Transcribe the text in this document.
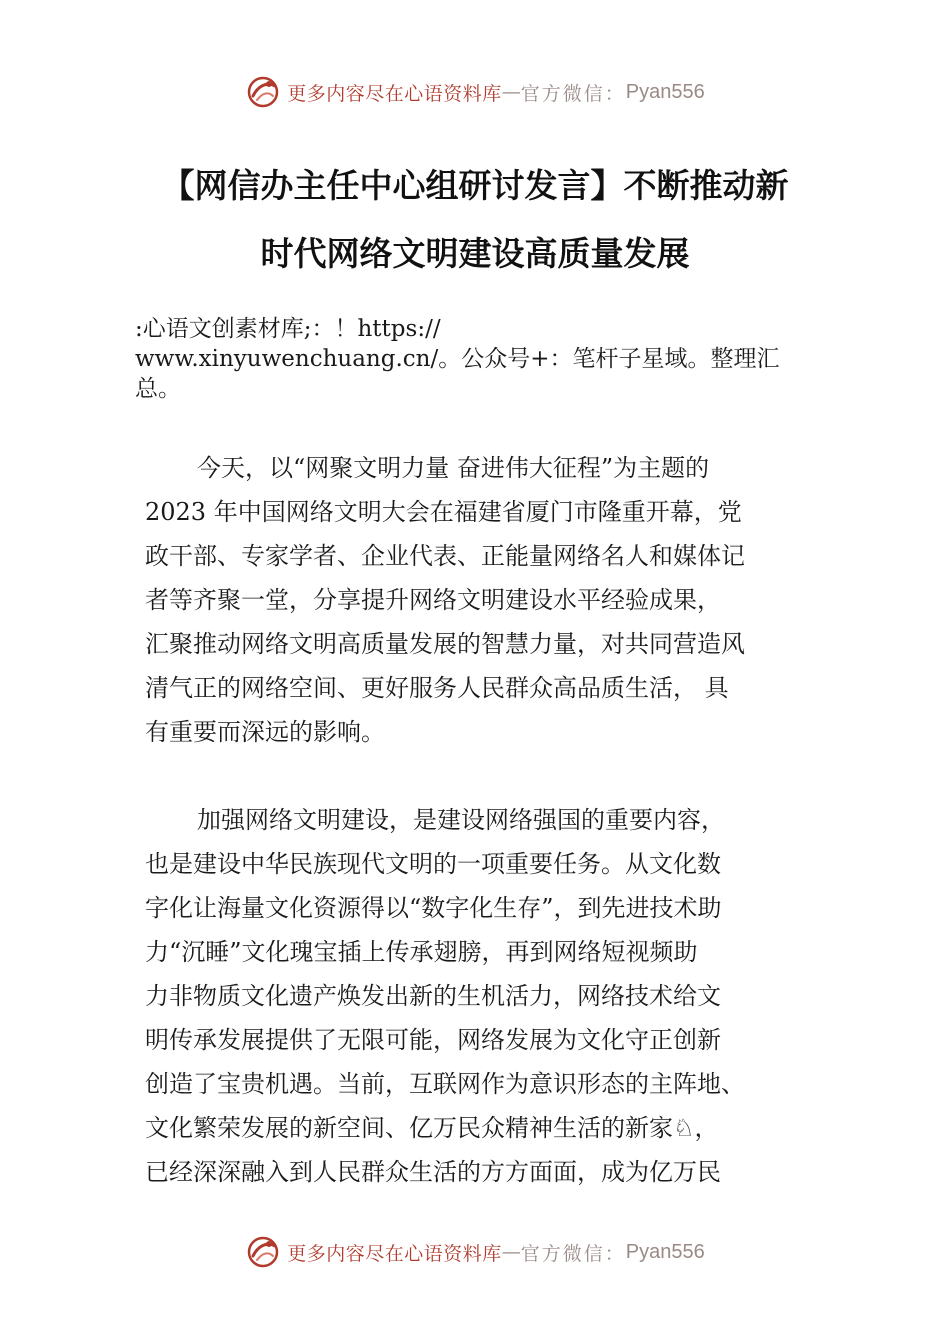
更多内容尽在心语资料库 — 官方微信： Pyan556
【网信办主任中心组研讨发言】不断推动新
时代网络文明建设高质量发展

:心语文创素材库;：！https://
www.xinyuwenchuang.cn/。公众号+：笔杆子星域。整理汇
总。

今天，以“网聚文明力量 奋进伟大征程”为主题的
2023 年中国网络文明大会在福建省厦门市隆重开幕，党
政干部、专家学者、企业代表、正能量网络名人和媒体记
者等齐聚一堂，分享提升网络文明建设水平经验成果，
汇聚推动网络文明高质量发展的智慧力量，对共同营造风
清气正的网络空间、更好服务人民群众高品质生活， 具
有重要而深远的影响。

加强网络文明建设，是建设网络强国的重要内容，
也是建设中华民族现代文明的一项重要任务。从文化数
字化让海量文化资源得以“数字化生存”，到先进技术助
力“沉睡”文化瑰宝插上传承翅膀，再到网络短视频助
力非物质文化遗产焕发出新的生机活力，网络技术给文
明传承发展提供了无限可能，网络发展为文化守正创新
创造了宝贵机遇。当前，互联网作为意识形态的主阵地、
文化繁荣发展的新空间、亿万民众精神生活的新家♘，
已经深深融入到人民群众生活的方方面面，成为亿万民

更多内容尽在心语资料库 — 官方微信： Pyan556
